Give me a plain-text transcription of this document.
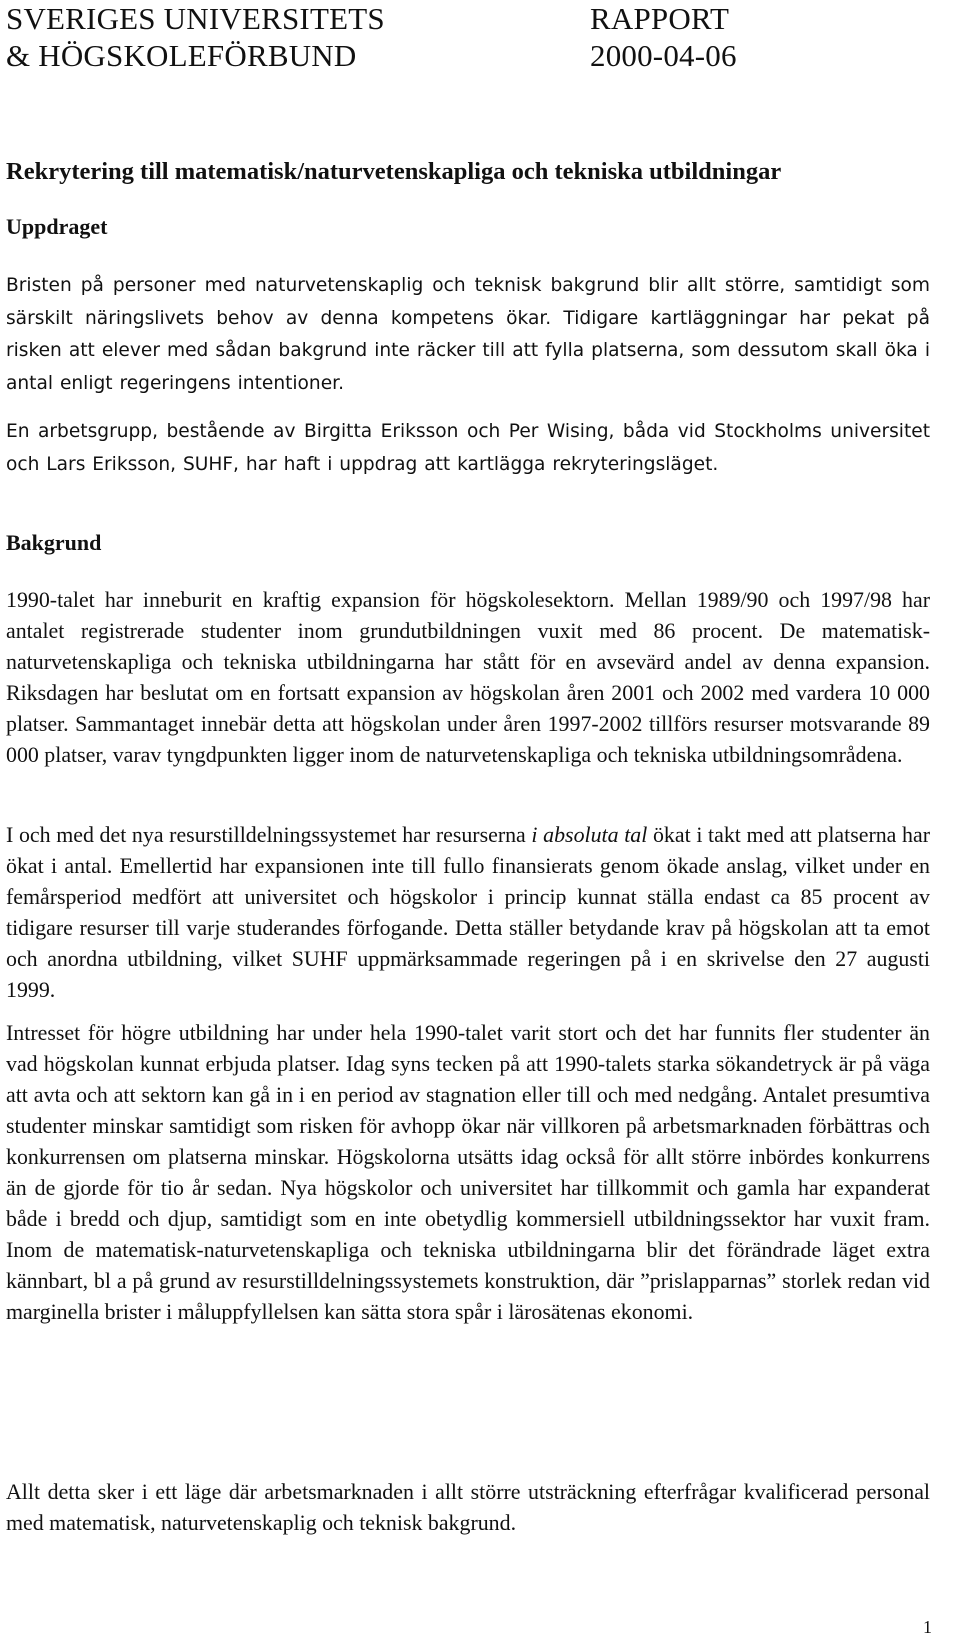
SVERIGES UNIVERSITETS
& HÖGSKOLEFÖRBUND
RAPPORT
2000-04-06
Rekrytering till matematisk/naturvetenskapliga och tekniska utbildningar
Uppdraget

Bristen på personer med naturvetenskaplig och teknisk bakgrund blir allt större, samtidigt som särskilt näringslivets behov av denna kompetens ökar. Tidigare kartläggningar har pekat på risken att elever med sådan bakgrund inte räcker till att fylla platserna, som dessutom skall öka i antal enligt regeringens intentioner.

En arbetsgrupp, bestående av Birgitta Eriksson och Per Wising, båda vid Stockholms universitet och Lars Eriksson, SUHF, har haft i uppdrag att kartlägga rekryteringsläget.

Bakgrund

1990-talet har inneburit en kraftig expansion för högskolesektorn. Mellan 1989/90 och 1997/98 har antalet registrerade studenter inom grundutbildningen vuxit med 86 procent. De matematisk-naturvetenskapliga och tekniska utbildningarna har stått för en avsevärd andel av denna expansion. Riksdagen har beslutat om en fortsatt expansion av högskolan åren 2001 och 2002 med vardera 10 000 platser. Sammantaget innebär detta att högskolan under åren 1997-2002 tillförs resurser motsvarande 89 000 platser, varav tyngdpunkten ligger inom de naturvetenskapliga och tekniska utbildningsområdena.

I och med det nya resurstilldelningssystemet har resurserna i absoluta tal ökat i takt med att platserna har ökat i antal. Emellertid har expansionen inte till fullo finansierats genom ökade anslag, vilket under en femårsperiod medfört att universitet och högskolor i princip kunnat ställa endast ca 85 procent av tidigare resurser till varje studerandes förfogande. Detta ställer betydande krav på högskolan att ta emot och anordna utbildning, vilket SUHF uppmärksammade regeringen på i en skrivelse den 27 augusti 1999.

Intresset för högre utbildning har under hela 1990-talet varit stort och det har funnits fler studenter än vad högskolan kunnat erbjuda platser. Idag syns tecken på att 1990-talets starka sökandetryck är på väga att avta och att sektorn kan gå in i en period av stagnation eller till och med nedgång. Antalet presumtiva studenter minskar samtidigt som risken för avhopp ökar när villkoren på arbetsmarknaden förbättras och konkurrensen om platserna minskar. Högskolorna utsätts idag också för allt större inbördes konkurrens än de gjorde för tio år sedan. Nya högskolor och universitet har tillkommit och gamla har expanderat både i bredd och djup, samtidigt som en inte obetydlig kommersiell utbildningssektor har vuxit fram. Inom de matematisk-naturvetenskapliga och tekniska utbildningarna blir det förändrade läget extra kännbart, bl a på grund av resurstilldelningssystemets konstruktion, där ”prislapparnas” storlek redan vid marginella brister i måluppfyllelsen kan sätta stora spår i lärosätenas ekonomi.

Allt detta sker i ett läge där arbetsmarknaden i allt större utsträckning efterfrågar kvalificerad personal med matematisk, naturvetenskaplig och teknisk bakgrund.

1
